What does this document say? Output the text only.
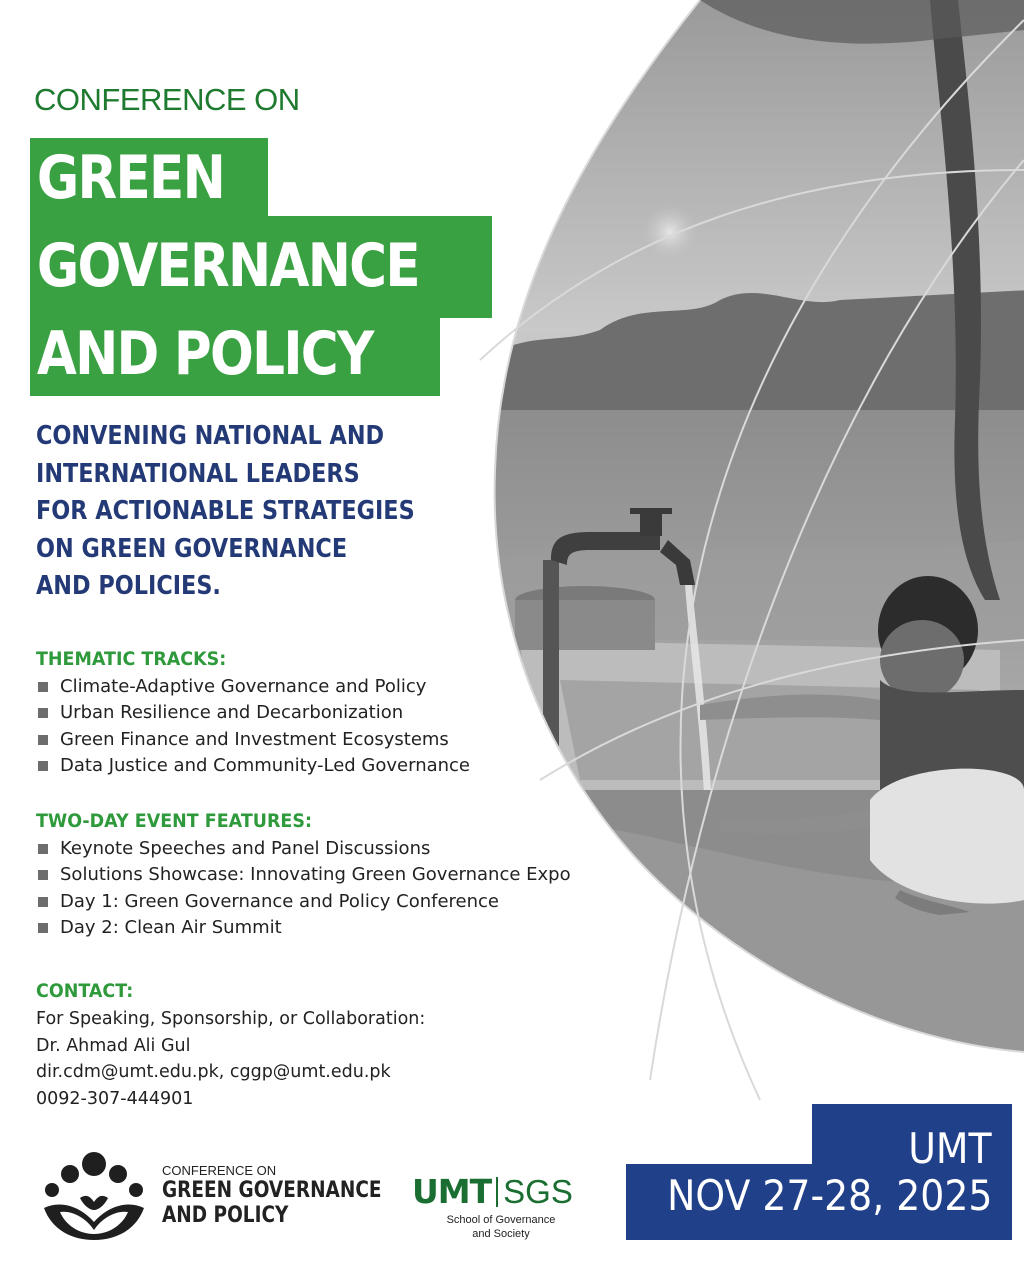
CONFERENCE ON
GREEN
GOVERNANCE
AND POLICY
CONVENING NATIONAL AND
INTERNATIONAL LEADERS
FOR ACTIONABLE STRATEGIES
ON GREEN GOVERNANCE
AND POLICIES.
THEMATIC TRACKS:
Climate-Adaptive Governance and Policy
Urban Resilience and Decarbonization
Green Finance and Investment Ecosystems
Data Justice and Community-Led Governance
TWO-DAY EVENT FEATURES:
Keynote Speeches and Panel Discussions
Solutions Showcase: Innovating Green Governance Expo
Day 1: Green Governance and Policy Conference
Day 2: Clean Air Summit
CONTACT:
For Speaking, Sponsorship, or Collaboration:
Dr. Ahmad Ali Gul
dir.cdm@umt.edu.pk, cggp@umt.edu.pk
0092-307-444901
CONFERENCE ON
GREEN GOVERNANCE
AND POLICY
UMT SGS
School of Governance
and Society
UMT
NOV 27-28, 2025
